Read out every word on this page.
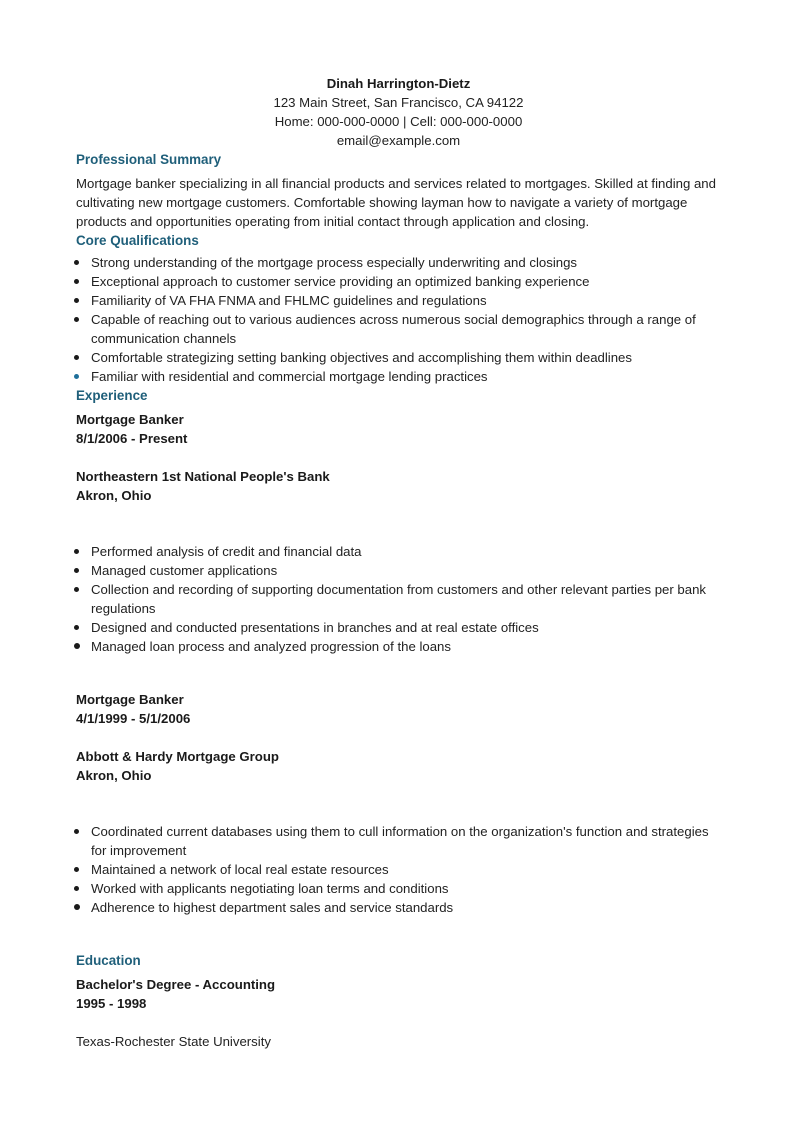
Dinah Harrington-Dietz
123 Main Street, San Francisco, CA 94122
Home: 000-000-0000 | Cell: 000-000-0000
email@example.com
Professional Summary

Mortgage banker specializing in all financial products and services related to mortgages. Skilled at finding and cultivating new mortgage customers. Comfortable showing layman how to navigate a variety of mortgage products and opportunities operating from initial contact through application and closing.

Core Qualifications
Strong understanding of the mortgage process especially underwriting and closings
Exceptional approach to customer service providing an optimized banking experience
Familiarity of VA FHA FNMA and FHLMC guidelines and regulations
Capable of reaching out to various audiences across numerous social demographics through a range of communication channels
Comfortable strategizing setting banking objectives and accomplishing them within deadlines
Familiar with residential and commercial mortgage lending practices
Experience
Mortgage Banker
8/1/2006 - Present
Northeastern 1st National People's Bank
Akron, Ohio
Performed analysis of credit and financial data
Managed customer applications
Collection and recording of supporting documentation from customers and other relevant parties per bank regulations
Designed and conducted presentations in branches and at real estate offices
Managed loan process and analyzed progression of the loans
Mortgage Banker
4/1/1999 - 5/1/2006
Abbott & Hardy Mortgage Group
Akron, Ohio
Coordinated current databases using them to cull information on the organization's function and strategies for improvement
Maintained a network of local real estate resources
Worked with applicants negotiating loan terms and conditions
Adherence to highest department sales and service standards
Education
Bachelor's Degree - Accounting
1995 - 1998
Texas-Rochester State University
